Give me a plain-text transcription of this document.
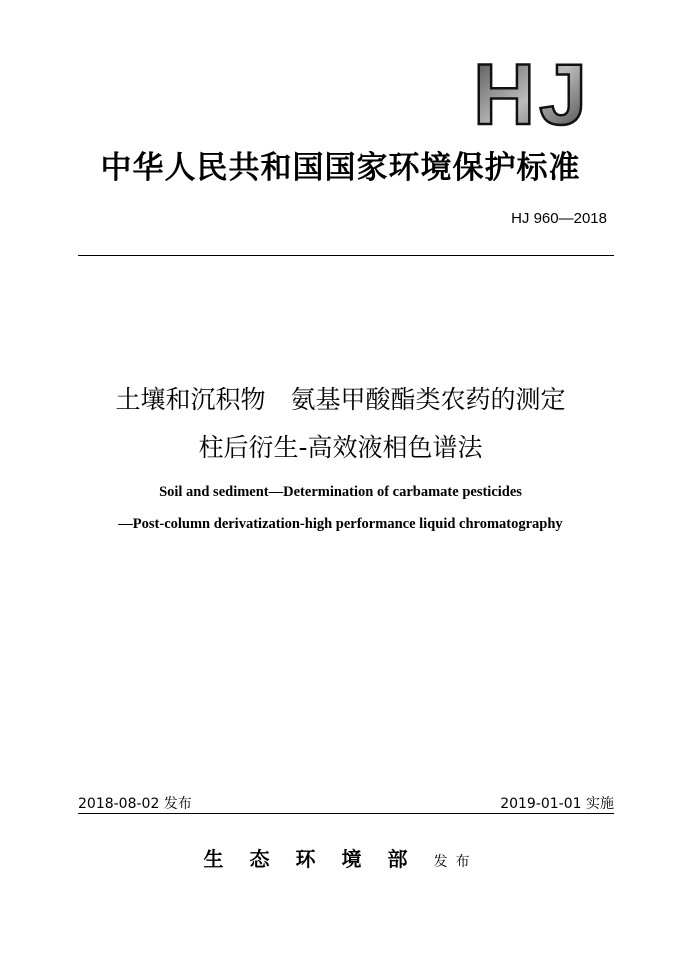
HJ
中华人民共和国国家环境保护标准
HJ 960—2018
土壤和沉积物　氨基甲酸酯类农药的测定
柱后衍生-高效液相色谱法
Soil and sediment—Determination of carbamate pesticides
—Post-column derivatization-high performance liquid chromatography
2018-08-02 发布	2019-01-01 实施
生态环境部发布
